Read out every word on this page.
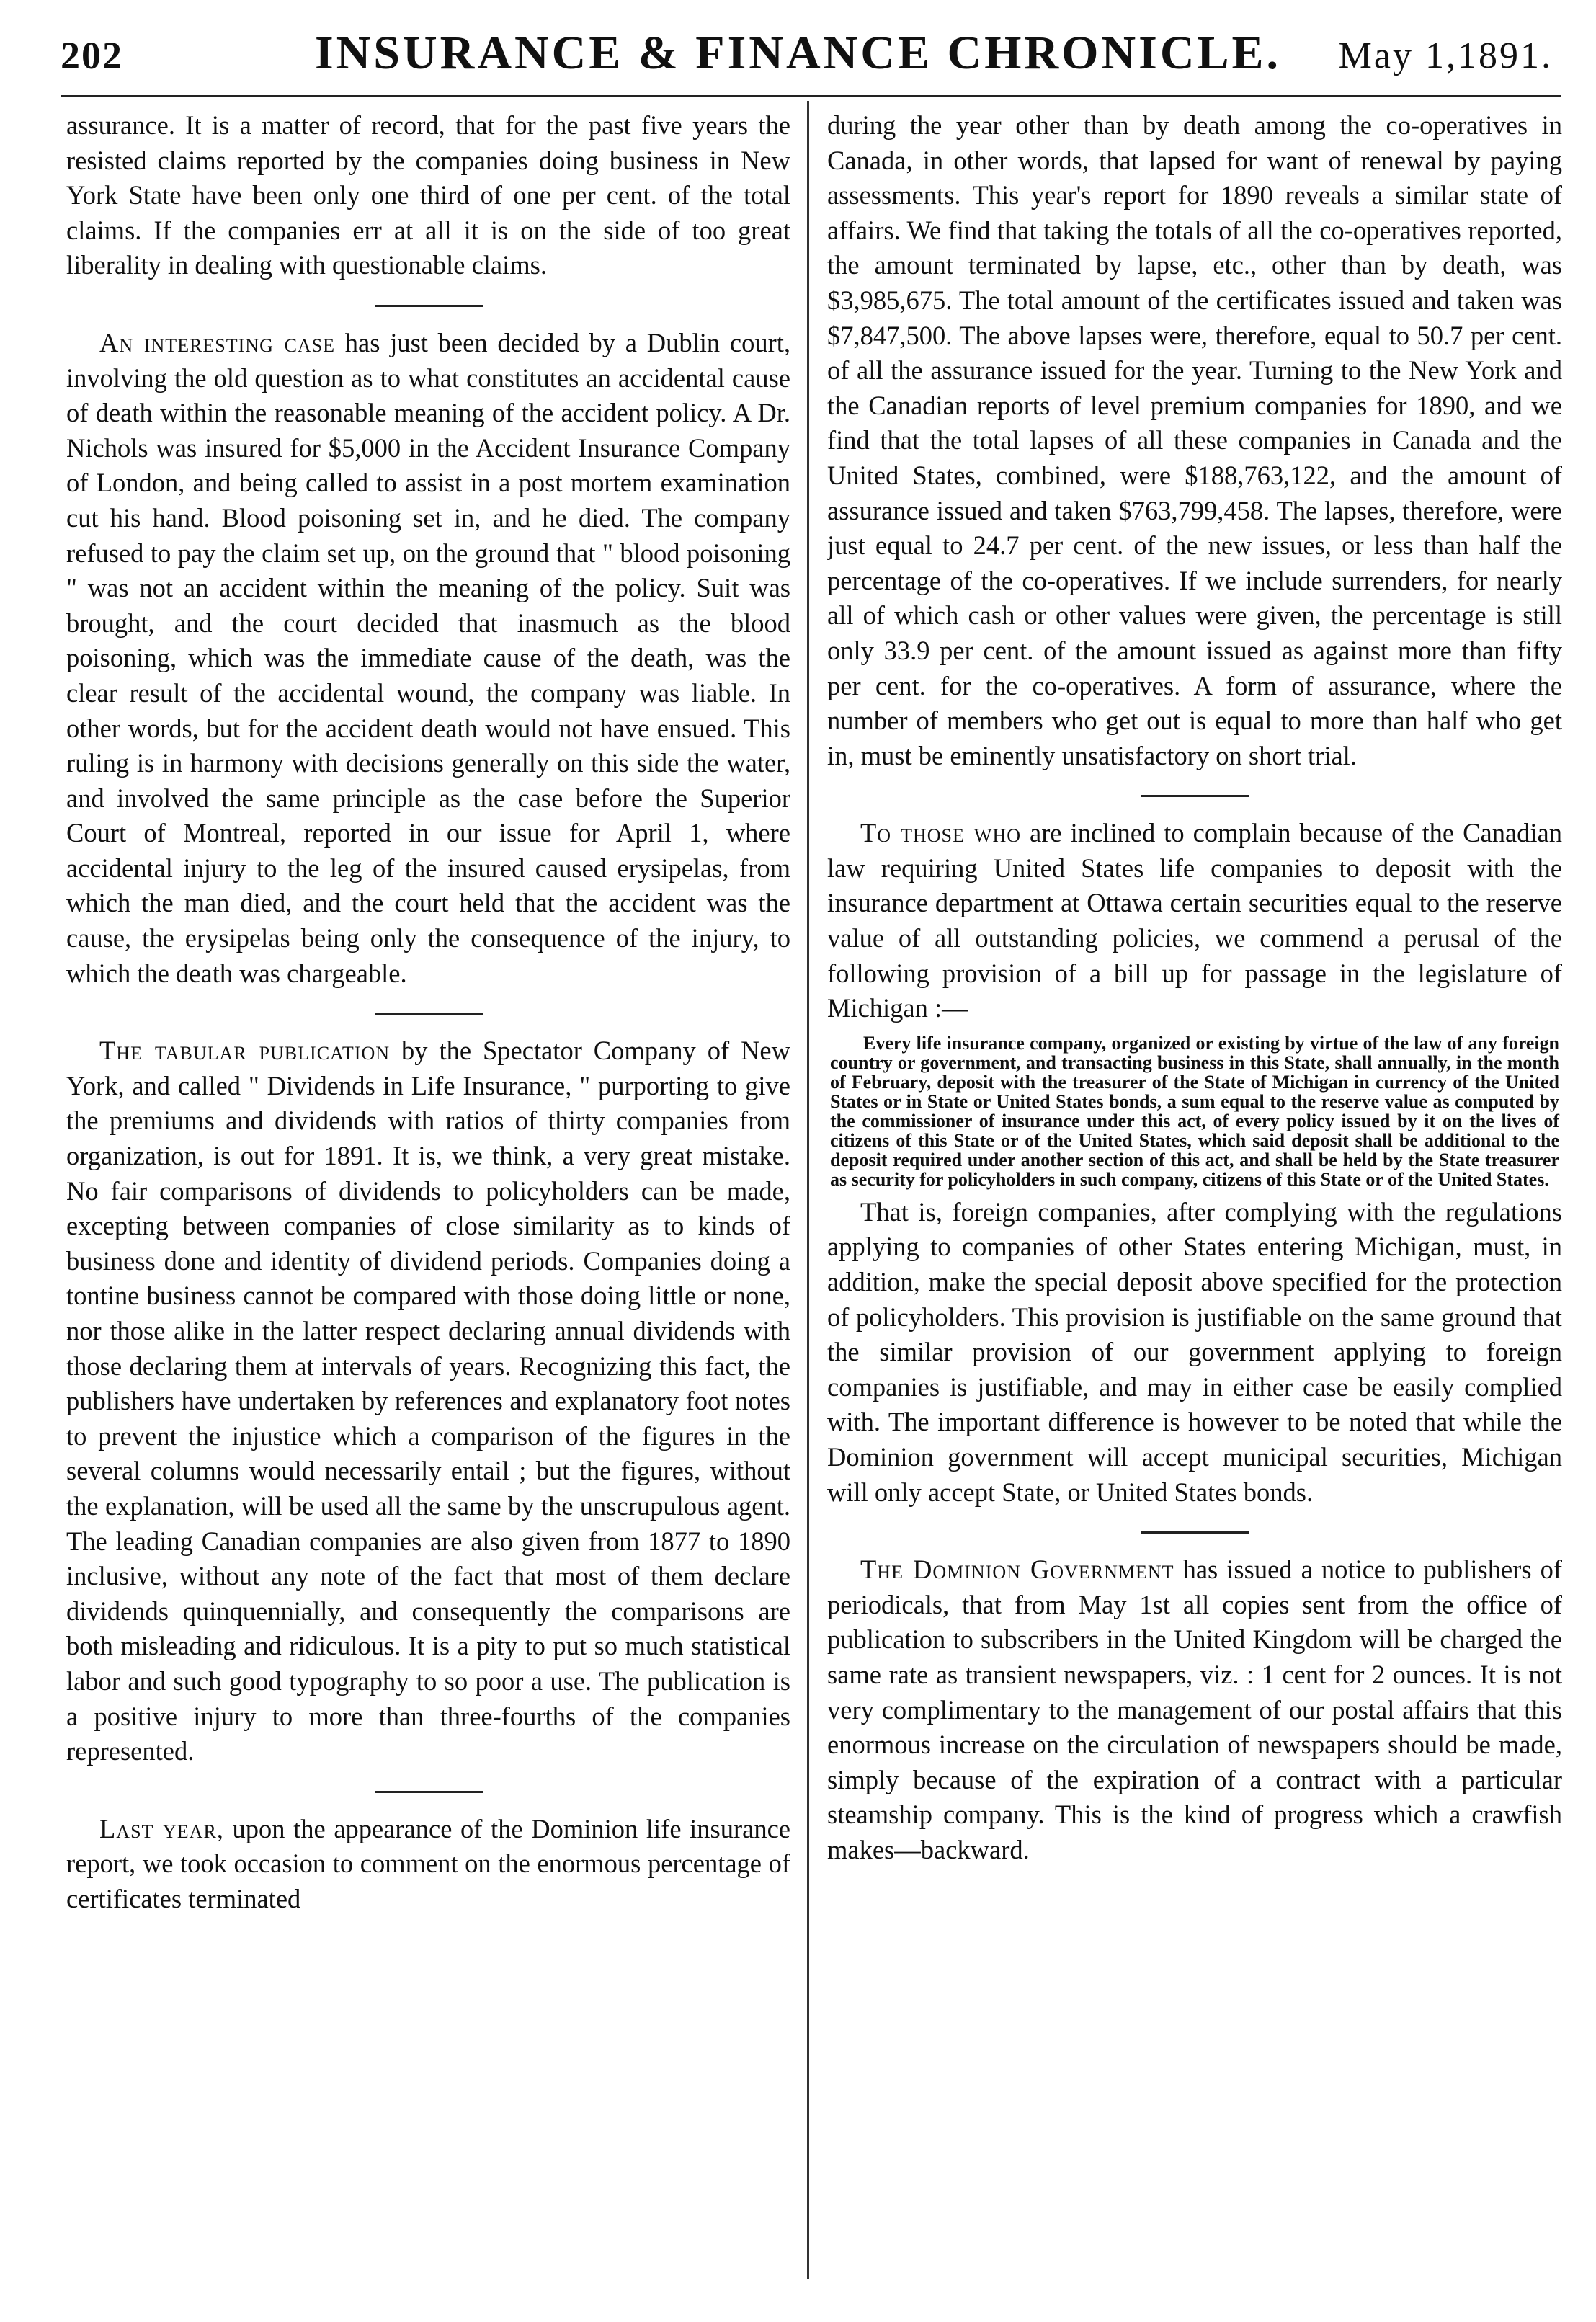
202	INSURANCE & FINANCE CHRONICLE.	May 1,1891.

assurance. It is a matter of record, that for the past five years the resisted claims reported by the companies doing business in New York State have been only one third of one per cent. of the total claims. If the companies err at all it is on the side of too great liberality in dealing with questionable claims.

An interesting case has just been decided by a Dublin court, involving the old question as to what constitutes an accidental cause of death within the reasonable meaning of the accident policy. A Dr. Nichols was insured for $5,000 in the Accident Insurance Company of London, and being called to assist in a post mortem examination cut his hand. Blood poisoning set in, and he died. The company refused to pay the claim set up, on the ground that " blood poisoning " was not an accident within the meaning of the policy. Suit was brought, and the court decided that inasmuch as the blood poisoning, which was the immediate cause of the death, was the clear result of the accidental wound, the company was liable. In other words, but for the accident death would not have ensued. This ruling is in harmony with decisions generally on this side the water, and involved the same principle as the case before the Superior Court of Montreal, reported in our issue for April 1, where accidental injury to the leg of the insured caused erysipelas, from which the man died, and the court held that the accident was the cause, the erysipelas being only the consequence of the injury, to which the death was chargeable.

The tabular publication by the Spectator Company of New York, and called " Dividends in Life Insurance, " purporting to give the premiums and dividends with ratios of thirty companies from organization, is out for 1891. It is, we think, a very great mistake. No fair comparisons of dividends to policyholders can be made, excepting between companies of close similarity as to kinds of business done and identity of dividend periods. Companies doing a tontine business cannot be compared with those doing little or none, nor those alike in the latter respect declaring annual dividends with those declaring them at intervals of years. Recognizing this fact, the publishers have undertaken by references and explanatory foot notes to prevent the injustice which a comparison of the figures in the several columns would necessarily entail ; but the figures, without the explanation, will be used all the same by the unscrupulous agent. The leading Canadian companies are also given from 1877 to 1890 inclusive, without any note of the fact that most of them declare dividends quinquennially, and consequently the comparisons are both misleading and ridiculous. It is a pity to put so much statistical labor and such good typography to so poor a use. The publication is a positive injury to more than three-fourths of the companies represented.

Last year, upon the appearance of the Dominion life insurance report, we took occasion to comment on the enormous percentage of certificates terminated

during the year other than by death among the co-operatives in Canada, in other words, that lapsed for want of renewal by paying assessments. This year's report for 1890 reveals a similar state of affairs. We find that taking the totals of all the co-operatives reported, the amount terminated by lapse, etc., other than by death, was $3,985,675. The total amount of the certificates issued and taken was $7,847,500. The above lapses were, therefore, equal to 50.7 per cent. of all the assurance issued for the year. Turning to the New York and the Canadian reports of level premium companies for 1890, and we find that the total lapses of all these companies in Canada and the United States, combined, were $188,763,122, and the amount of assurance issued and taken $763,799,458. The lapses, therefore, were just equal to 24.7 per cent. of the new issues, or less than half the percentage of the co-operatives. If we include surrenders, for nearly all of which cash or other values were given, the percentage is still only 33.9 per cent. of the amount issued as against more than fifty per cent. for the co-operatives. A form of assurance, where the number of members who get out is equal to more than half who get in, must be eminently unsatisfactory on short trial.

To those who are inclined to complain because of the Canadian law requiring United States life companies to deposit with the insurance department at Ottawa certain securities equal to the reserve value of all outstanding policies, we commend a perusal of the following provision of a bill up for passage in the legislature of Michigan :—

Every life insurance company, organized or existing by virtue of the law of any foreign country or government, and transacting business in this State, shall annually, in the month of February, deposit with the treasurer of the State of Michigan in currency of the United States or in State or United States bonds, a sum equal to the reserve value as computed by the commissioner of insurance under this act, of every policy issued by it on the lives of citizens of this State or of the United States, which said deposit shall be additional to the deposit required under another section of this act, and shall be held by the State treasurer as security for policyholders in such company, citizens of this State or of the United States.

That is, foreign companies, after complying with the regulations applying to companies of other States entering Michigan, must, in addition, make the special deposit above specified for the protection of policyholders. This provision is justifiable on the same ground that the similar provision of our government applying to foreign companies is justifiable, and may in either case be easily complied with. The important difference is however to be noted that while the Dominion government will accept municipal securities, Michigan will only accept State, or United States bonds.

The Dominion Government has issued a notice to publishers of periodicals, that from May 1st all copies sent from the office of publication to subscribers in the United Kingdom will be charged the same rate as transient newspapers, viz. : 1 cent for 2 ounces. It is not very complimentary to the management of our postal affairs that this enormous increase on the circulation of newspapers should be made, simply because of the expiration of a contract with a particular steamship company. This is the kind of progress which a crawfish makes—backward.
